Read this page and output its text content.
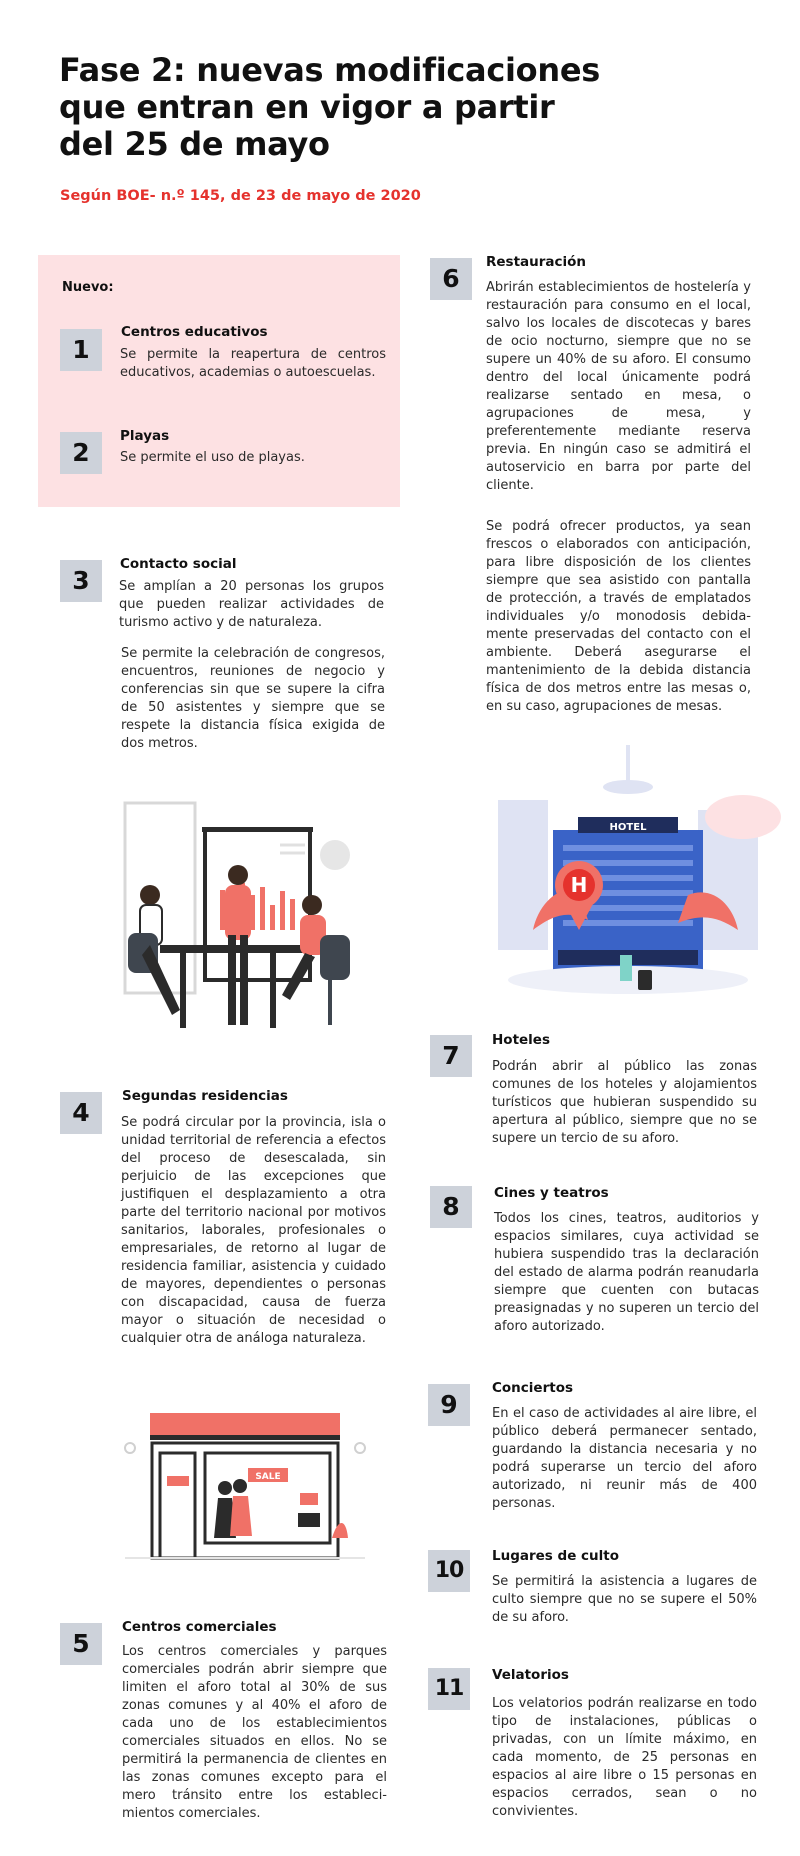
Fase 2: nuevas modificaciones
que entran en vigor a partir
del 25 de mayo
Según BOE- n.º 145, de 23 de mayo de 2020
Nuevo:
1
Centros educativos
Se permite la reapertura de centros educativos, academias o autoescuelas.
2
Playas
Se permite el uso de playas.
3
Contacto social
Se amplían a 20 personas los grupos que pueden realizar actividades de turismo activo y de naturaleza.
Se permite la celebración de congresos, encuentros, reuniones de negocio y conferencias sin que se supere la cifra de 50 asistentes y siempre que se respete la distancia física exigida de dos metros.
4
Segundas residencias
Se podrá circular por la provincia, isla o unidad territorial de referencia a efectos del proceso de desescalada, sin perjuicio de las excepciones que justifiquen el desplazamiento a otra parte del territorio nacional por motivos sanitarios, laborales, profesionales o empresariales, de retorno al lugar de residencia familiar, asistencia y cuidado de mayores, dependientes o personas con discapacidad, causa de fuerza mayor o situación de necesidad o cualquier otra de análoga naturaleza.
SALE
5
Centros comerciales
Los centros comerciales y parques comerciales podrán abrir siempre que limiten el aforo total al 30% de sus zonas comunes y al 40% el aforo de cada uno de los establecimientos comerciales situados en ellos. No se permitirá la permanencia de clientes en las zonas comunes excepto para el mero tránsito entre los estableci- mientos comerciales.
6
Restauración
Abrirán establecimientos de hostelería y restauración para consumo en el local, salvo los locales de discotecas y bares de ocio nocturno, siempre que no se supere un 40% de su aforo. El consumo dentro del local únicamente podrá realizarse sentado en mesa, o agrupaciones de mesa, y preferentemente mediante reserva previa. En ningún caso se admitirá el autoservicio en barra por parte del cliente.
Se podrá ofrecer productos, ya sean frescos o elaborados con anticipación, para libre disposición de los clientes siempre que sea asistido con pantalla de protección, a través de emplatados individuales y/o monodosis debida- mente preservadas del contacto con el ambiente. Deberá asegurarse el mantenimiento de la debida distancia física de dos metros entre las mesas o, en su caso, agrupaciones de mesas.
HOTEL
H
7
Hoteles
Podrán abrir al público las zonas comunes de los hoteles y alojamientos turísticos que hubieran suspendido su apertura al público, siempre que no se supere un tercio de su aforo.
8	Cines y teatros
Todos los cines, teatros, auditorios y espacios similares, cuya actividad se hubiera suspendido tras la declaración del estado de alarma podrán reanudarla siempre que cuenten con butacas preasignadas y no superen un tercio del aforo autorizado.
9
Conciertos
En el caso de actividades al aire libre, el público deberá permanecer sentado, guardando la distancia necesaria y no podrá superarse un tercio del aforo autorizado, ni reunir más de 400 personas.
10
Lugares de culto
Se permitirá la asistencia a lugares de culto siempre que no se supere el 50% de su aforo.
11
Velatorios
Los velatorios podrán realizarse en todo tipo de instalaciones, públicas o privadas, con un límite máximo, en cada momento, de 25 personas en espacios al aire libre o 15 personas en espacios cerrados, sean o no convivientes.
